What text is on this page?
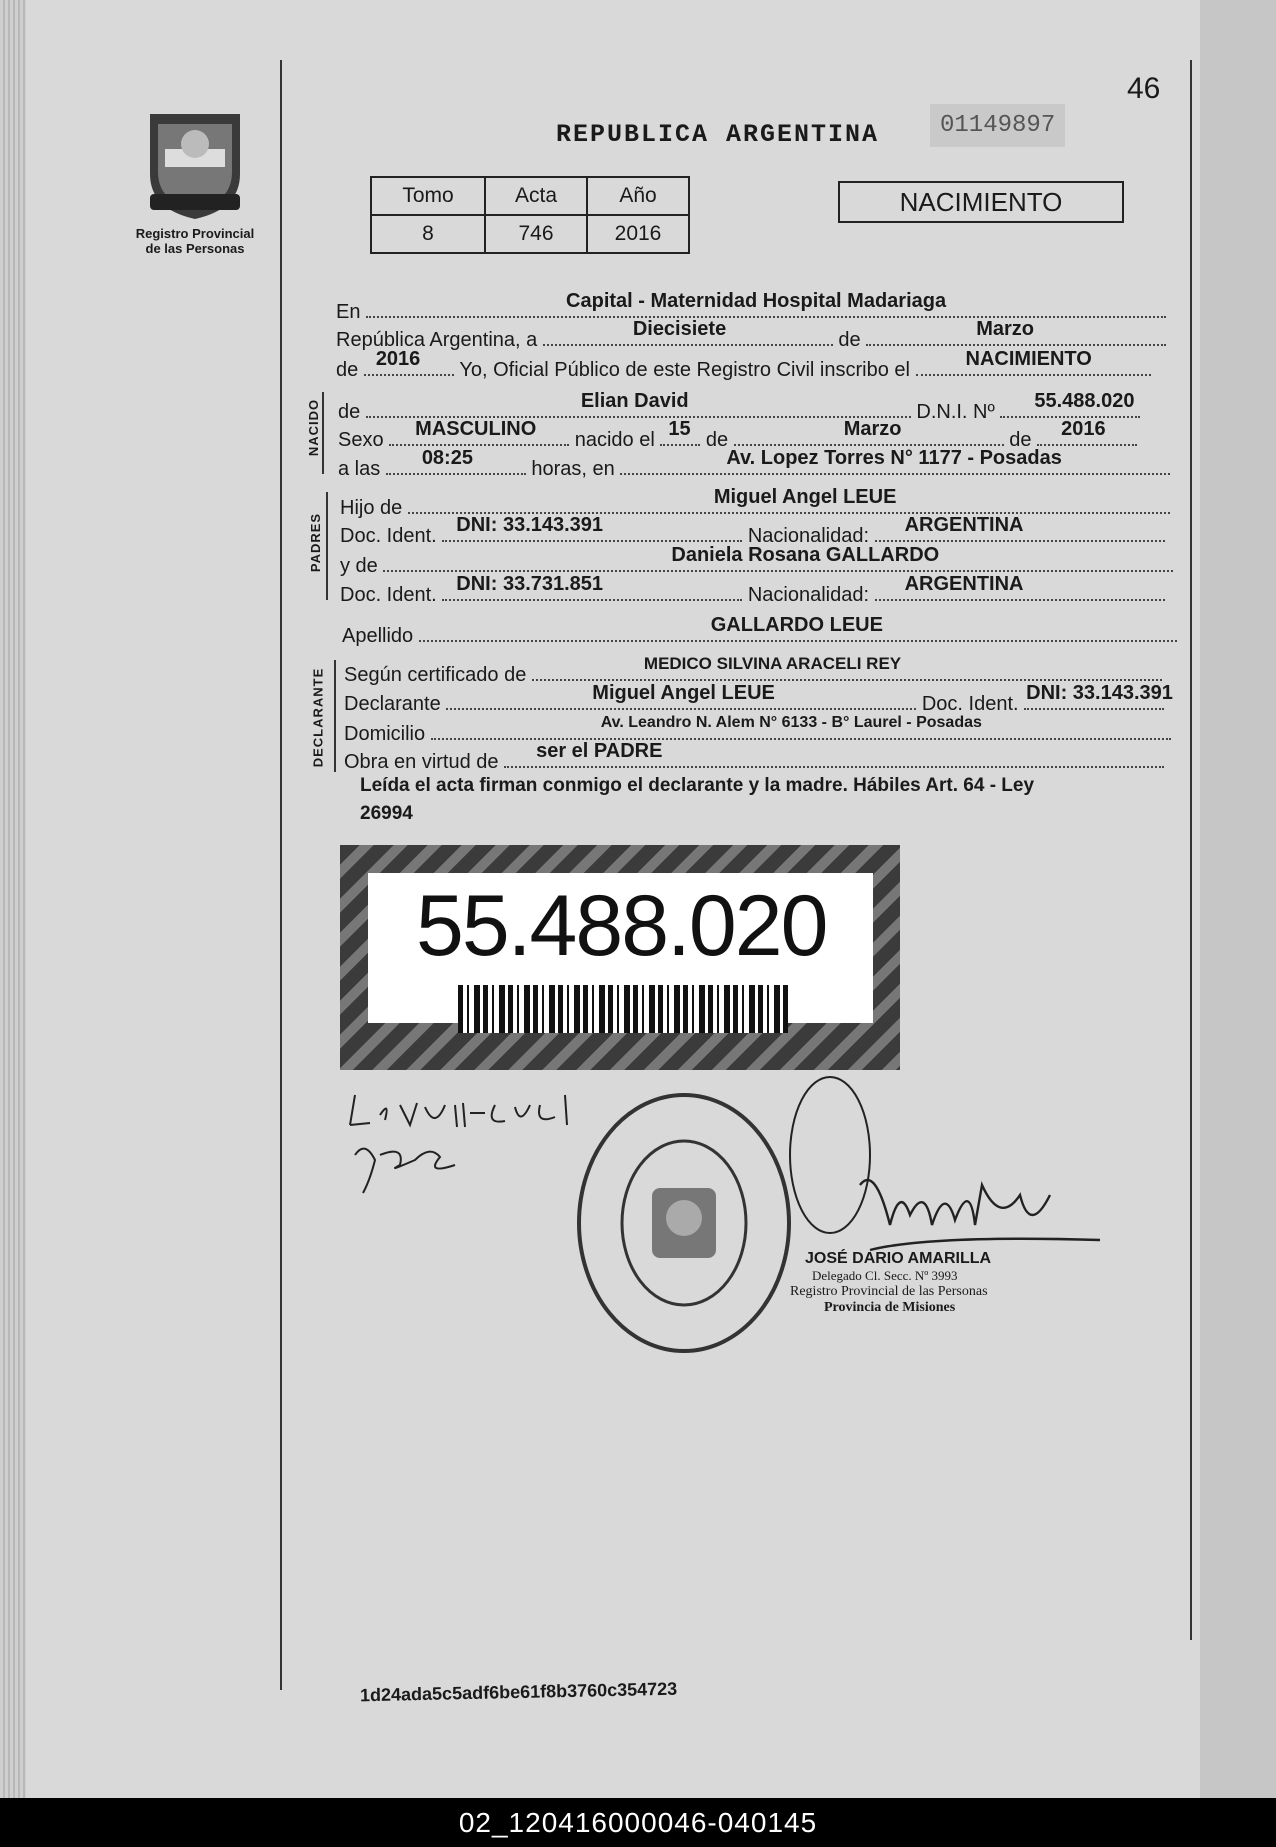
Registro Provincial
de las Personas
REPUBLICA ARGENTINA	01149897
46
Tomo	Acta	Año
8	746	2016
NACIMIENTO
En	Capital - Maternidad Hospital Madariaga
República Argentina, a	Diecisiete	de	Marzo
de 2016 Yo, Oficial Público de este Registro Civil inscribo el	NACIMIENTO
NACIDO de	Elian David	D.N.I. Nº 55.488.020
Sexo MASCULINO nacido el 15 de	Marzo	de 2016
a las 08:25	horas, en	Av. Lopez Torres N° 1177 - Posadas
PADRES
Hijo de	Miguel Angel LEUE
Doc. Ident. DNI: 33.143.391	Nacionalidad: ARGENTINA
y de	Daniela Rosana GALLARDO
Doc. Ident. DNI: 33.731.851	Nacionalidad: ARGENTINA
Apellido	GALLARDO LEUE
DECLARANTE Según certificado de
MEDICO SILVINA ARACELI REY
Declarante	Miguel Angel LEUE	Doc. Ident. DNI: 33.143.391
Domicilio
Av. Leandro N. Alem N° 6133 - B° Laurel - Posadas
Obra en virtud de ser el PADRE
Leída el acta firman conmigo el declarante y la madre. Hábiles Art. 64 - Ley
26994
55.488.020
JOSÉ DARIO AMARILLA
Delegado Cl. Secc. Nº 3993
Registro Provincial de las Personas
Provincia de Misiones
1d24ada5c5adf6be61f8b3760c354723
02_120416000046-040145
